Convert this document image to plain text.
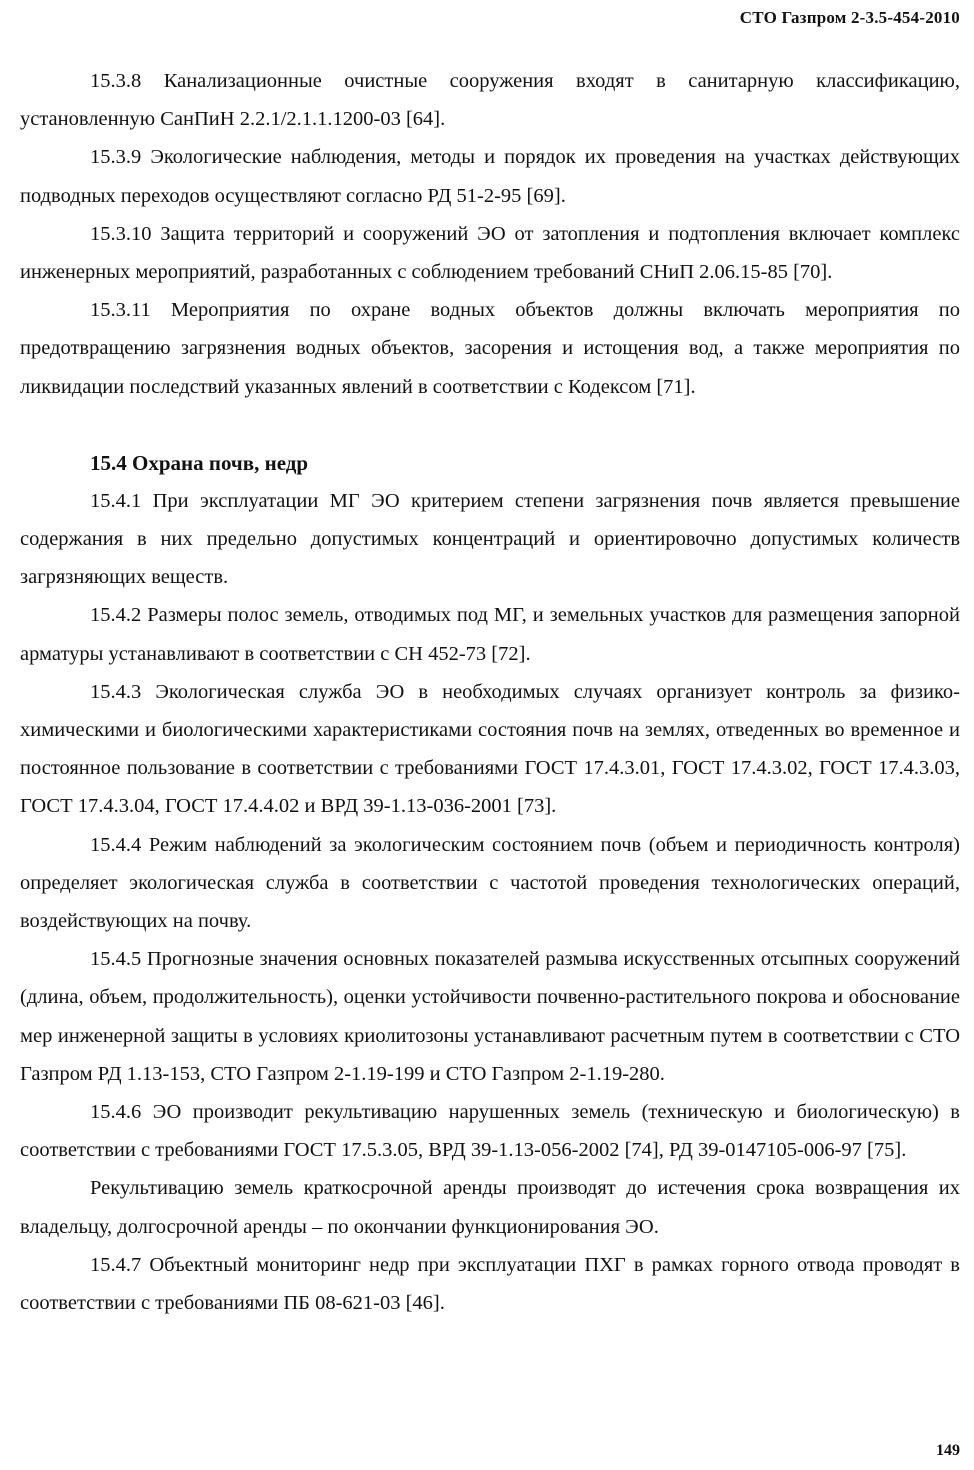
СТО Газпром 2-3.5-454-2010

15.3.8 Канализационные очистные сооружения входят в санитарную классификацию, установленную СанПиН 2.2.1/2.1.1.1200-03 [64].

15.3.9 Экологические наблюдения, методы и порядок их проведения на участках действующих подводных переходов осуществляют согласно РД 51-2-95 [69].

15.3.10 Защита территорий и сооружений ЭО от затопления и подтопления включает комплекс инженерных мероприятий, разработанных с соблюдением требований СНиП 2.06.15-85 [70].

15.3.11 Мероприятия по охране водных объектов должны включать мероприятия по предотвращению загрязнения водных объектов, засорения и истощения вод, а также мероприятия по ликвидации последствий указанных явлений в соответствии с Кодексом [71].

15.4 Охрана почв, недр

15.4.1 При эксплуатации МГ ЭО критерием степени загрязнения почв является превышение содержания в них предельно допустимых концентраций и ориентировочно допустимых количеств загрязняющих веществ.

15.4.2 Размеры полос земель, отводимых под МГ, и земельных участков для размещения запорной арматуры устанавливают в соответствии с СН 452-73 [72].

15.4.3 Экологическая служба ЭО в необходимых случаях организует контроль за физико-химическими и биологическими характеристиками состояния почв на землях, отведенных во временное и постоянное пользование в соответствии с требованиями ГОСТ 17.4.3.01, ГОСТ 17.4.3.02, ГОСТ 17.4.3.03, ГОСТ 17.4.3.04, ГОСТ 17.4.4.02 и ВРД 39-1.13-036-2001 [73].

15.4.4 Режим наблюдений за экологическим состоянием почв (объем и периодичность контроля) определяет экологическая служба в соответствии с частотой проведения технологических операций, воздействующих на почву.

15.4.5 Прогнозные значения основных показателей размыва искусственных отсыпных сооружений (длина, объем, продолжительность), оценки устойчивости почвенно-растительного покрова и обоснование мер инженерной защиты в условиях криолитозоны устанавливают расчетным путем в соответствии с СТО Газпром РД 1.13-153, СТО Газпром 2-1.19-199 и СТО Газпром 2-1.19-280.

15.4.6 ЭО производит рекультивацию нарушенных земель (техническую и биологическую) в соответствии с требованиями ГОСТ 17.5.3.05, ВРД 39-1.13-056-2002 [74], РД 39-0147105-006-97 [75].

Рекультивацию земель краткосрочной аренды производят до истечения срока возвращения их владельцу, долгосрочной аренды – по окончании функционирования ЭО.

15.4.7 Объектный мониторинг недр при эксплуатации ПХГ в рамках горного отвода проводят в соответствии с требованиями ПБ 08-621-03 [46].

149
